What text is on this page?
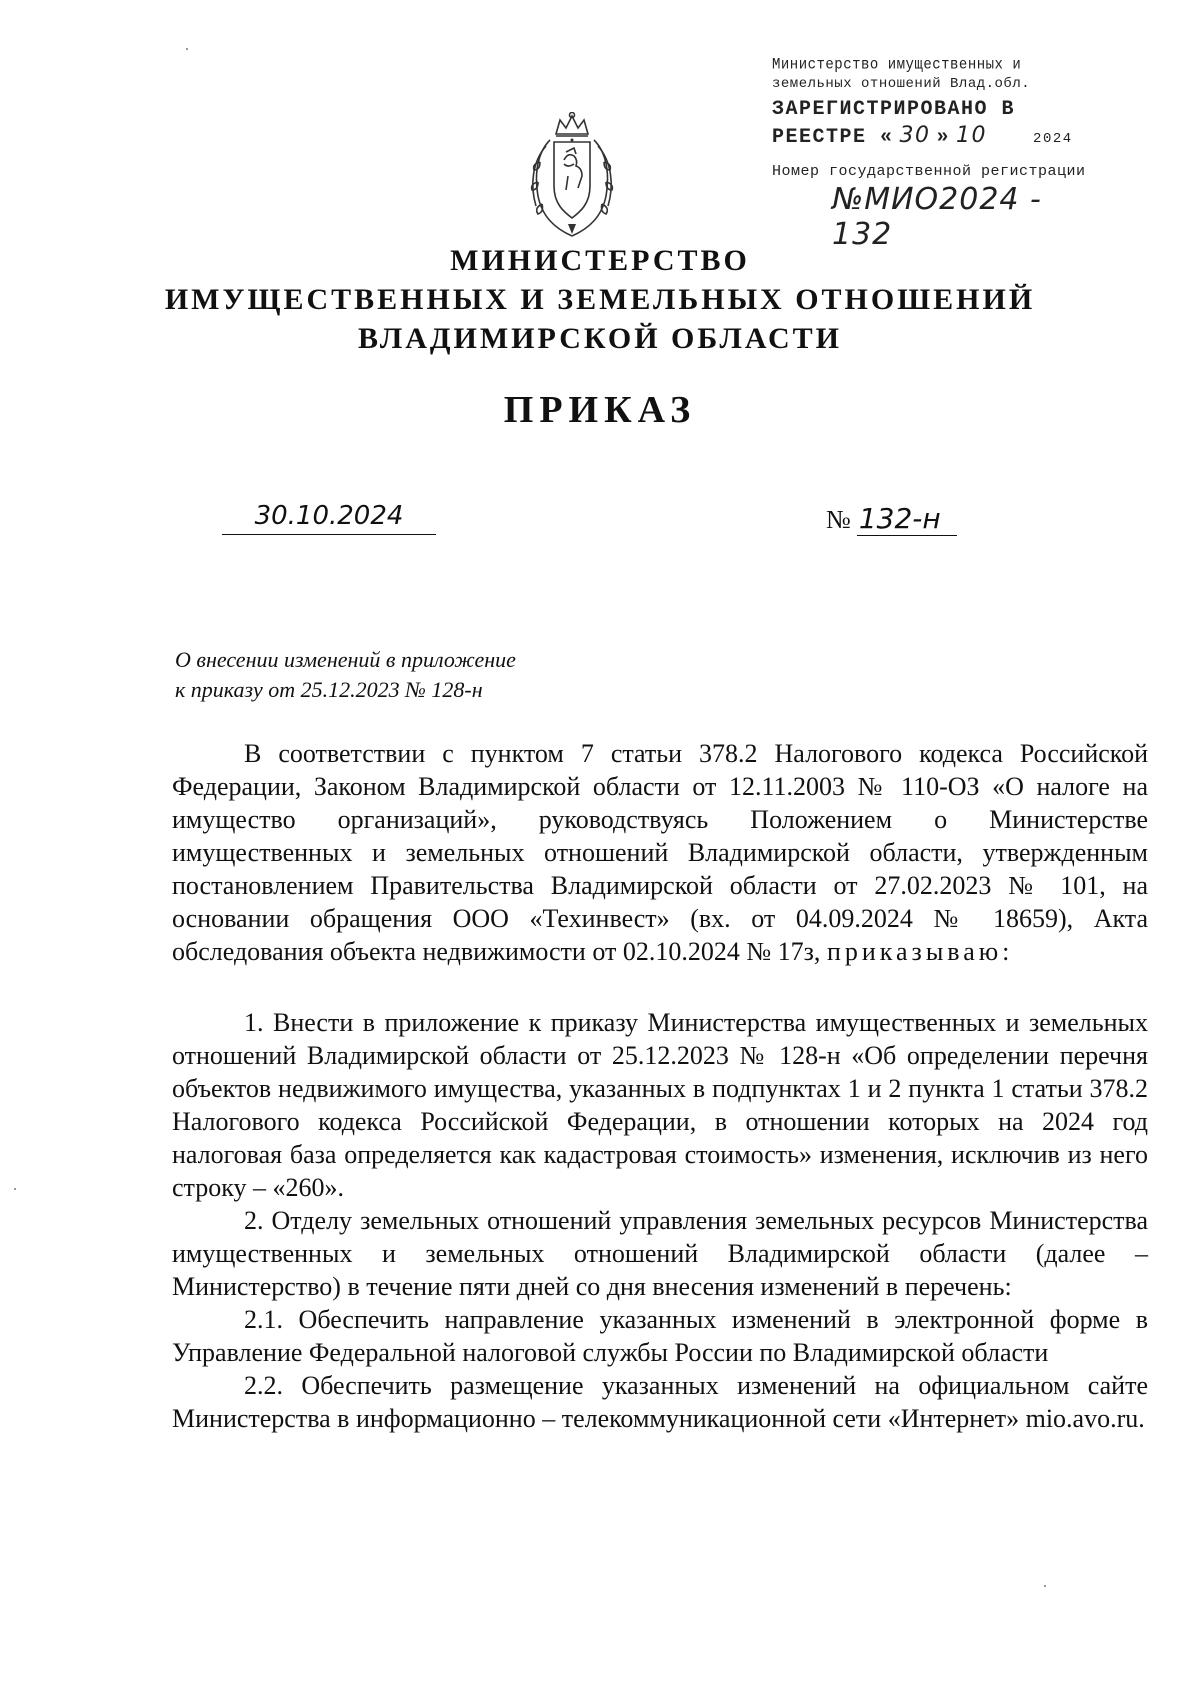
Министерство имущественных и
земельных отношений Влад.обл.
ЗАРЕГИСТРИРОВАНО В
РЕЕСТРЕ « 30 » 10	2024
Номер государственной регистрации
№МИО2024 - 132
МИНИСТЕРСТВО
ИМУЩЕСТВЕННЫХ И ЗЕМЕЛЬНЫХ ОТНОШЕНИЙ
ВЛАДИМИРСКОЙ ОБЛАСТИ
ПРИКАЗ
30.10.2024	№ 132-н
О внесении изменений в приложение
к приказу от 25.12.2023 № 128-н

В соответствии с пунктом 7 статьи 378.2 Налогового кодекса Российской Федерации, Законом Владимирской области от 12.11.2003 № 110-ОЗ «О налоге на имущество организаций», руководствуясь Положением о Министерстве имущественных и земельных отношений Владимирской области, утвержденным постановлением Правительства Владимирской области от 27.02.2023 № 101, на основании обращения ООО «Техинвест» (вх. от 04.09.2024 № 18659), Акта обследования объекта недвижимости от 02.10.2024 № 17з, приказываю:

1. Внести в приложение к приказу Министерства имущественных и земельных отношений Владимирской области от 25.12.2023 № 128-н «Об определении перечня объектов недвижимого имущества, указанных в подпунктах 1 и 2 пункта 1 статьи 378.2 Налогового кодекса Российской Федерации, в отношении которых на 2024 год налоговая база определяется как кадастровая стоимость» изменения, исключив из него строку – «260».

2. Отделу земельных отношений управления земельных ресурсов Министерства имущественных и земельных отношений Владимирской области (далее – Министерство) в течение пяти дней со дня внесения изменений в перечень:

2.1. Обеспечить направление указанных изменений в электронной форме в Управление Федеральной налоговой службы России по Владимирской области

2.2. Обеспечить размещение указанных изменений на официальном сайте Министерства в информационно – телекоммуникационной сети «Интернет» mio.avo.ru.
